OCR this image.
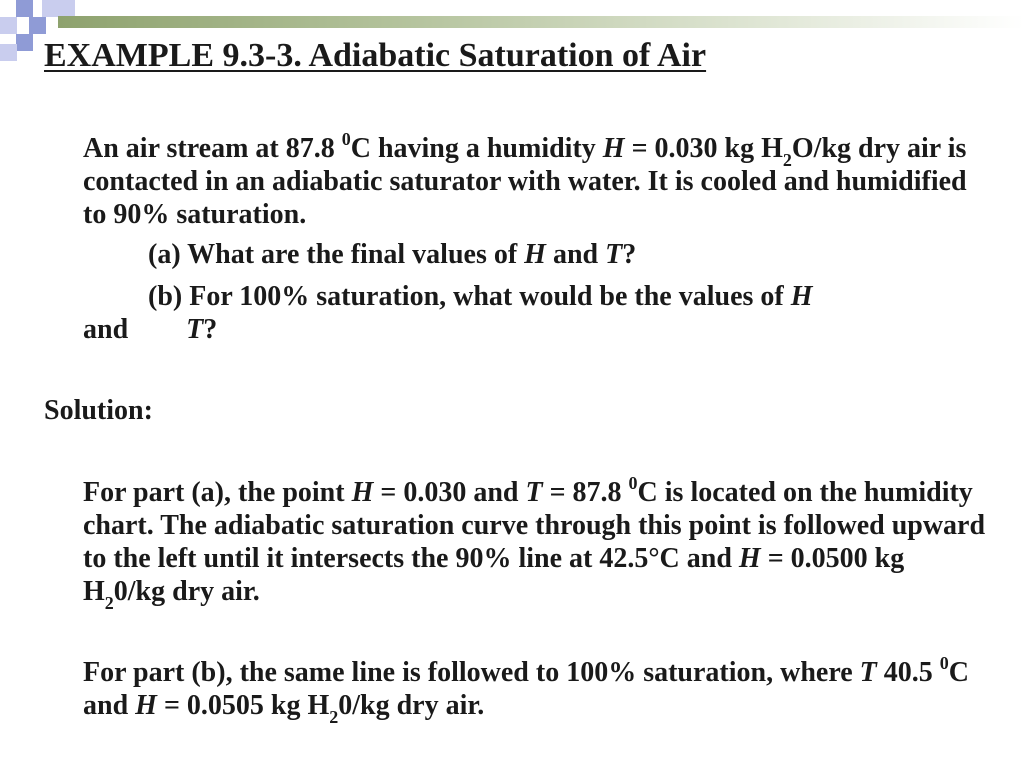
EXAMPLE 9.3-3. Adiabatic Saturation of Air

An air stream at 87.8 $^0$C having a humidity H = 0.030 kg $H_2O/kg$ dry air is contacted in an adiabatic saturator with water. It is cooled and humidified to 90% saturation.

(a) What are the final values of H and T?

(b) For 100% saturation, what would be the values of H
and T?

Solution:

For part (a), the point H = 0.030 and T = 87.8 $^0$C is located on the humidity chart. The adiabatic saturation curve through this point is followed upward to the left until it intersects the 90% line at 42.5°C and H = 0.0500 kg $H_20/kg$ dry air.

For part (b), the same line is followed to 100% saturation, where T 40.5 $^0$C and H = 0.0505 kg $H_20/kg$ dry air.
